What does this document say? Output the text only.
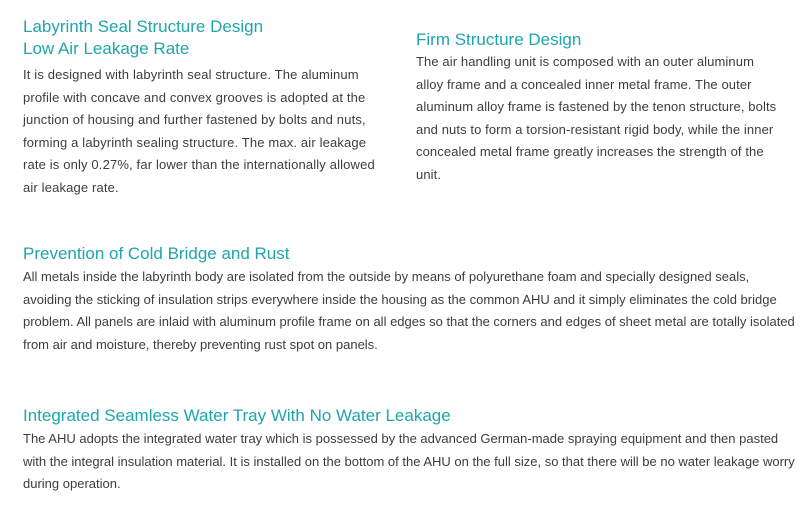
Labyrinth Seal Structure Design
Low Air Leakage Rate

It is designed with labyrinth seal structure. The aluminum profile with concave and convex grooves is adopted at the junction of housing and further fastened by bolts and nuts, forming a labyrinth sealing structure. The max. air leakage rate is only 0.27%, far lower than the internationally allowed air leakage rate.

Firm Structure Design

The air handling unit is composed with an outer aluminum alloy frame and a concealed inner metal frame. The outer aluminum alloy frame is fastened by the tenon structure, bolts and nuts to form a torsion-resistant rigid body, while the inner concealed metal frame greatly increases the strength of the unit.

Prevention of Cold Bridge and Rust

All metals inside the labyrinth body are isolated from the outside by means of polyurethane foam and specially designed seals, avoiding the sticking of insulation strips everywhere inside the housing as the common AHU and it simply eliminates the cold bridge problem. All panels are inlaid with aluminum profile frame on all edges so that the corners and edges of sheet metal are totally isolated from air and moisture, thereby preventing rust spot on panels.

Integrated Seamless Water Tray With No Water Leakage

The AHU adopts the integrated water tray which is possessed by the advanced German-made spraying equipment and then pasted with the integral insulation material. It is installed on the bottom of the AHU on the full size, so that there will be no water leakage worry during operation.
